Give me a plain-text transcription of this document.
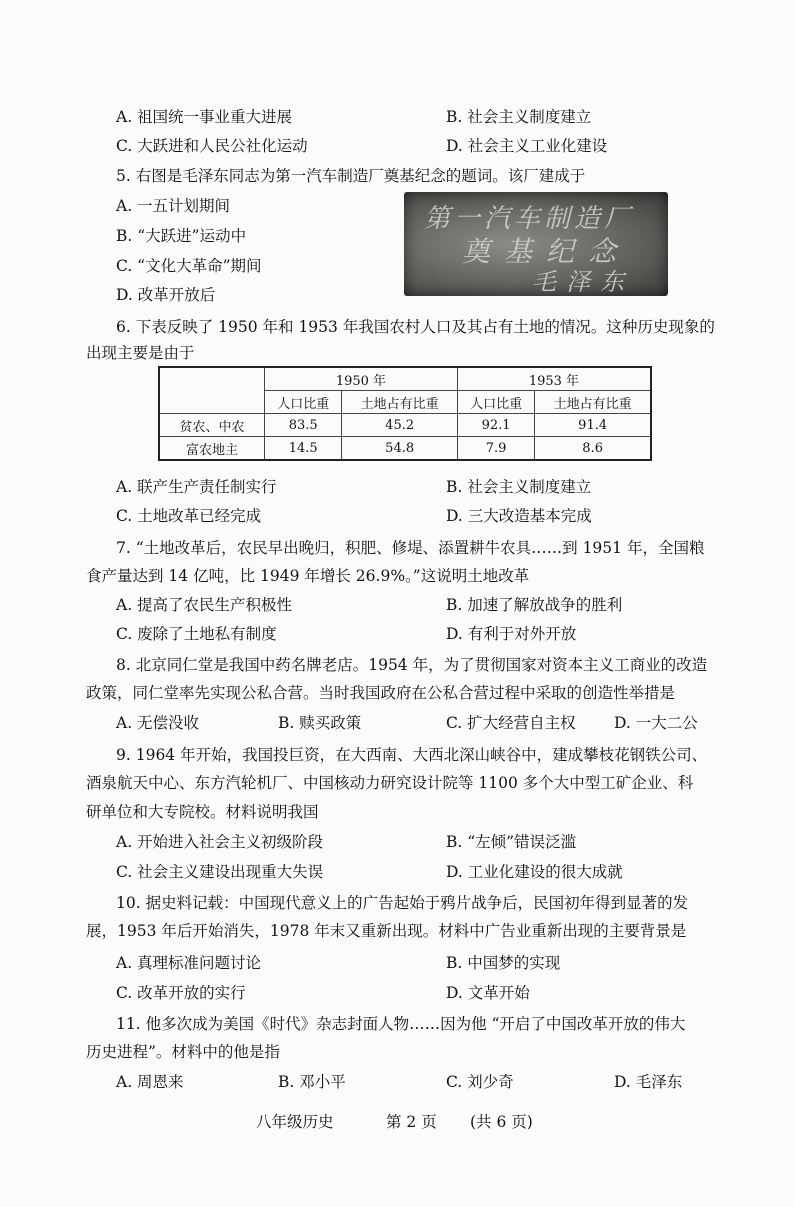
A. 祖国统一事业重大进展	B. 社会主义制度建立
C. 大跃进和人民公社化运动	D. 社会主义工业化建设
5. 右图是毛泽东同志为第一汽车制造厂奠基纪念的题词。该厂建成于
A. 一五计划期间
B. “大跃进”运动中
C. “文化大革命”期间
D. 改革开放后
第一汽车制造厂
奠基纪念
毛泽东
6. 下表反映了 1950 年和 1953 年我国农村人口及其占有土地的情况。这种历史现象的
出现主要是由于
	1950 年		1953 年	
	人口比重	土地占有比重	人口比重	土地占有比重
贫农、中农	83.5	45.2	92.1	91.4
富农地主	14.5	54.8	7.9	8.6
A. 联产生产责任制实行	B. 社会主义制度建立
C. 土地改革已经完成	D. 三大改造基本完成
7. “土地改革后，农民早出晚归，积肥、修堤、添置耕牛农具……到 1951 年，全国粮
食产量达到 14 亿吨，比 1949 年增长 26.9%。”这说明土地改革
A. 提高了农民生产积极性	B. 加速了解放战争的胜利
C. 废除了土地私有制度	D. 有利于对外开放
8. 北京同仁堂是我国中药名牌老店。1954 年，为了贯彻国家对资本主义工商业的改造
政策，同仁堂率先实现公私合营。当时我国政府在公私合营过程中采取的创造性举措是
A. 无偿没收	B. 赎买政策	C. 扩大经营自主权 D. 一大二公
9. 1964 年开始，我国投巨资，在大西南、大西北深山峡谷中，建成攀枝花钢铁公司、
酒泉航天中心、东方汽轮机厂、中国核动力研究设计院等 1100 多个大中型工矿企业、科
研单位和大专院校。材料说明我国
A. 开始进入社会主义初级阶段	B. “左倾”错误泛滥
C. 社会主义建设出现重大失误	D. 工业化建设的很大成就
10. 据史料记载：中国现代意义上的广告起始于鸦片战争后，民国初年得到显著的发
展，1953 年后开始消失，1978 年末又重新出现。材料中广告业重新出现的主要背景是
A. 真理标准问题讨论	B. 中国梦的实现
C. 改革开放的实行	D. 文革开始
11. 他多次成为美国《时代》杂志封面人物……因为他 “开启了中国改革开放的伟大
历史进程”。材料中的他是指
A. 周恩来	B. 邓小平	C. 刘少奇	D. 毛泽东
八年级历史	第 2 页 (共 6 页)
